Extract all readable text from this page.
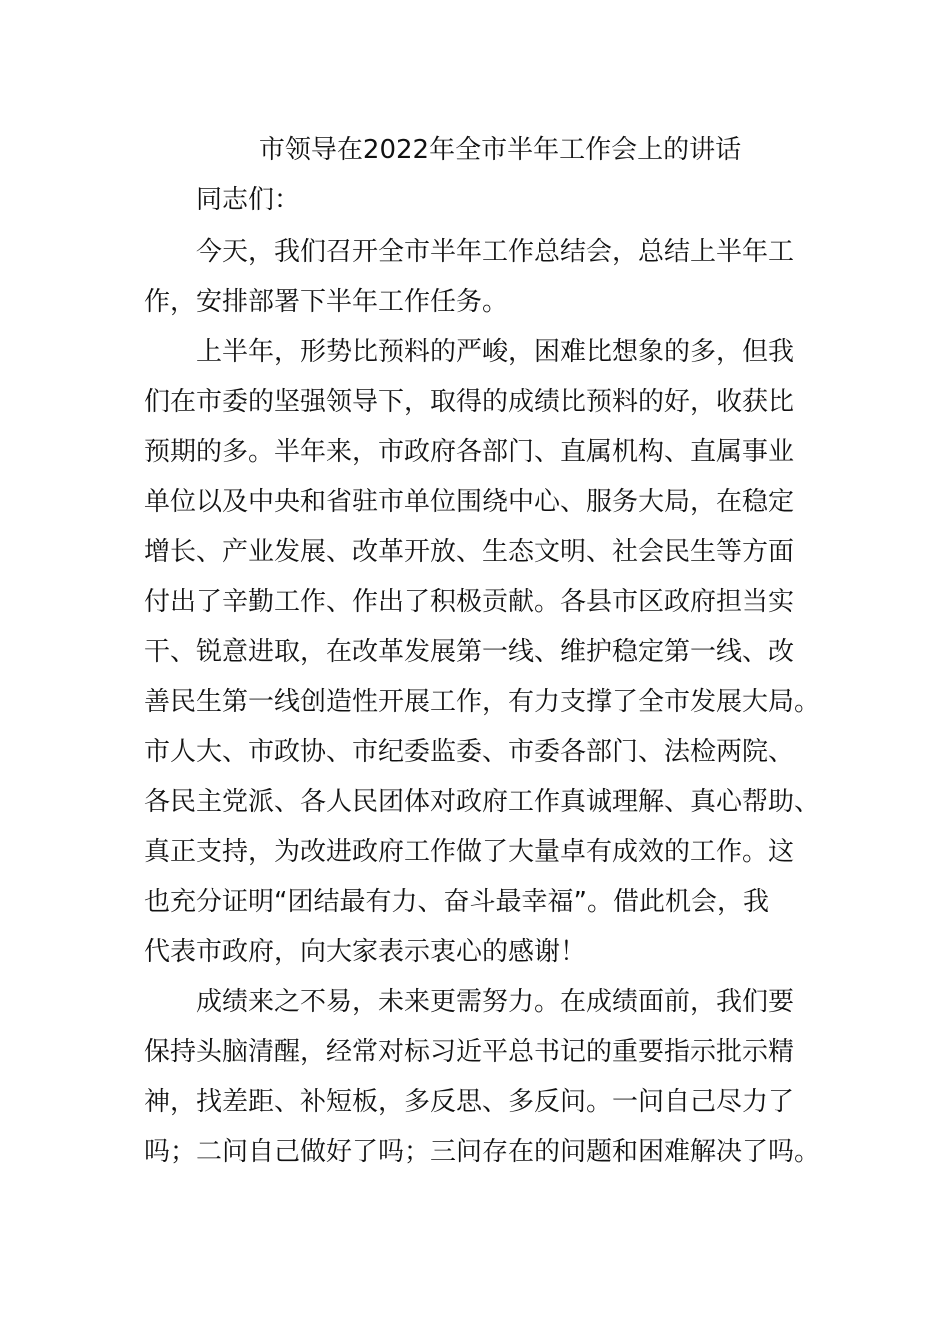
市领导在2022年全市半年工作会上的讲话

同志们：

今天，我们召开全市半年工作总结会，总结上半年工

作，安排部署下半年工作任务。

上半年，形势比预料的严峻，困难比想象的多，但我

们在市委的坚强领导下，取得的成绩比预料的好，收获比

预期的多。半年来，市政府各部门、直属机构、直属事业

单位以及中央和省驻市单位围绕中心、服务大局，在稳定

增长、产业发展、改革开放、生态文明、社会民生等方面

付出了辛勤工作、作出了积极贡献。各县市区政府担当实

干、锐意进取，在改革发展第一线、维护稳定第一线、改

善民生第一线创造性开展工作，有力支撑了全市发展大局。

市人大、市政协、市纪委监委、市委各部门、法检两院、

各民主党派、各人民团体对政府工作真诚理解、真心帮助、

真正支持，为改进政府工作做了大量卓有成效的工作。这

也充分证明“团结最有力、奋斗最幸福”。借此机会，我

代表市政府，向大家表示衷心的感谢！

成绩来之不易，未来更需努力。在成绩面前，我们要

保持头脑清醒，经常对标习近平总书记的重要指示批示精

神，找差距、补短板，多反思、多反问。一问自己尽力了

吗；二问自己做好了吗；三问存在的问题和困难解决了吗。
